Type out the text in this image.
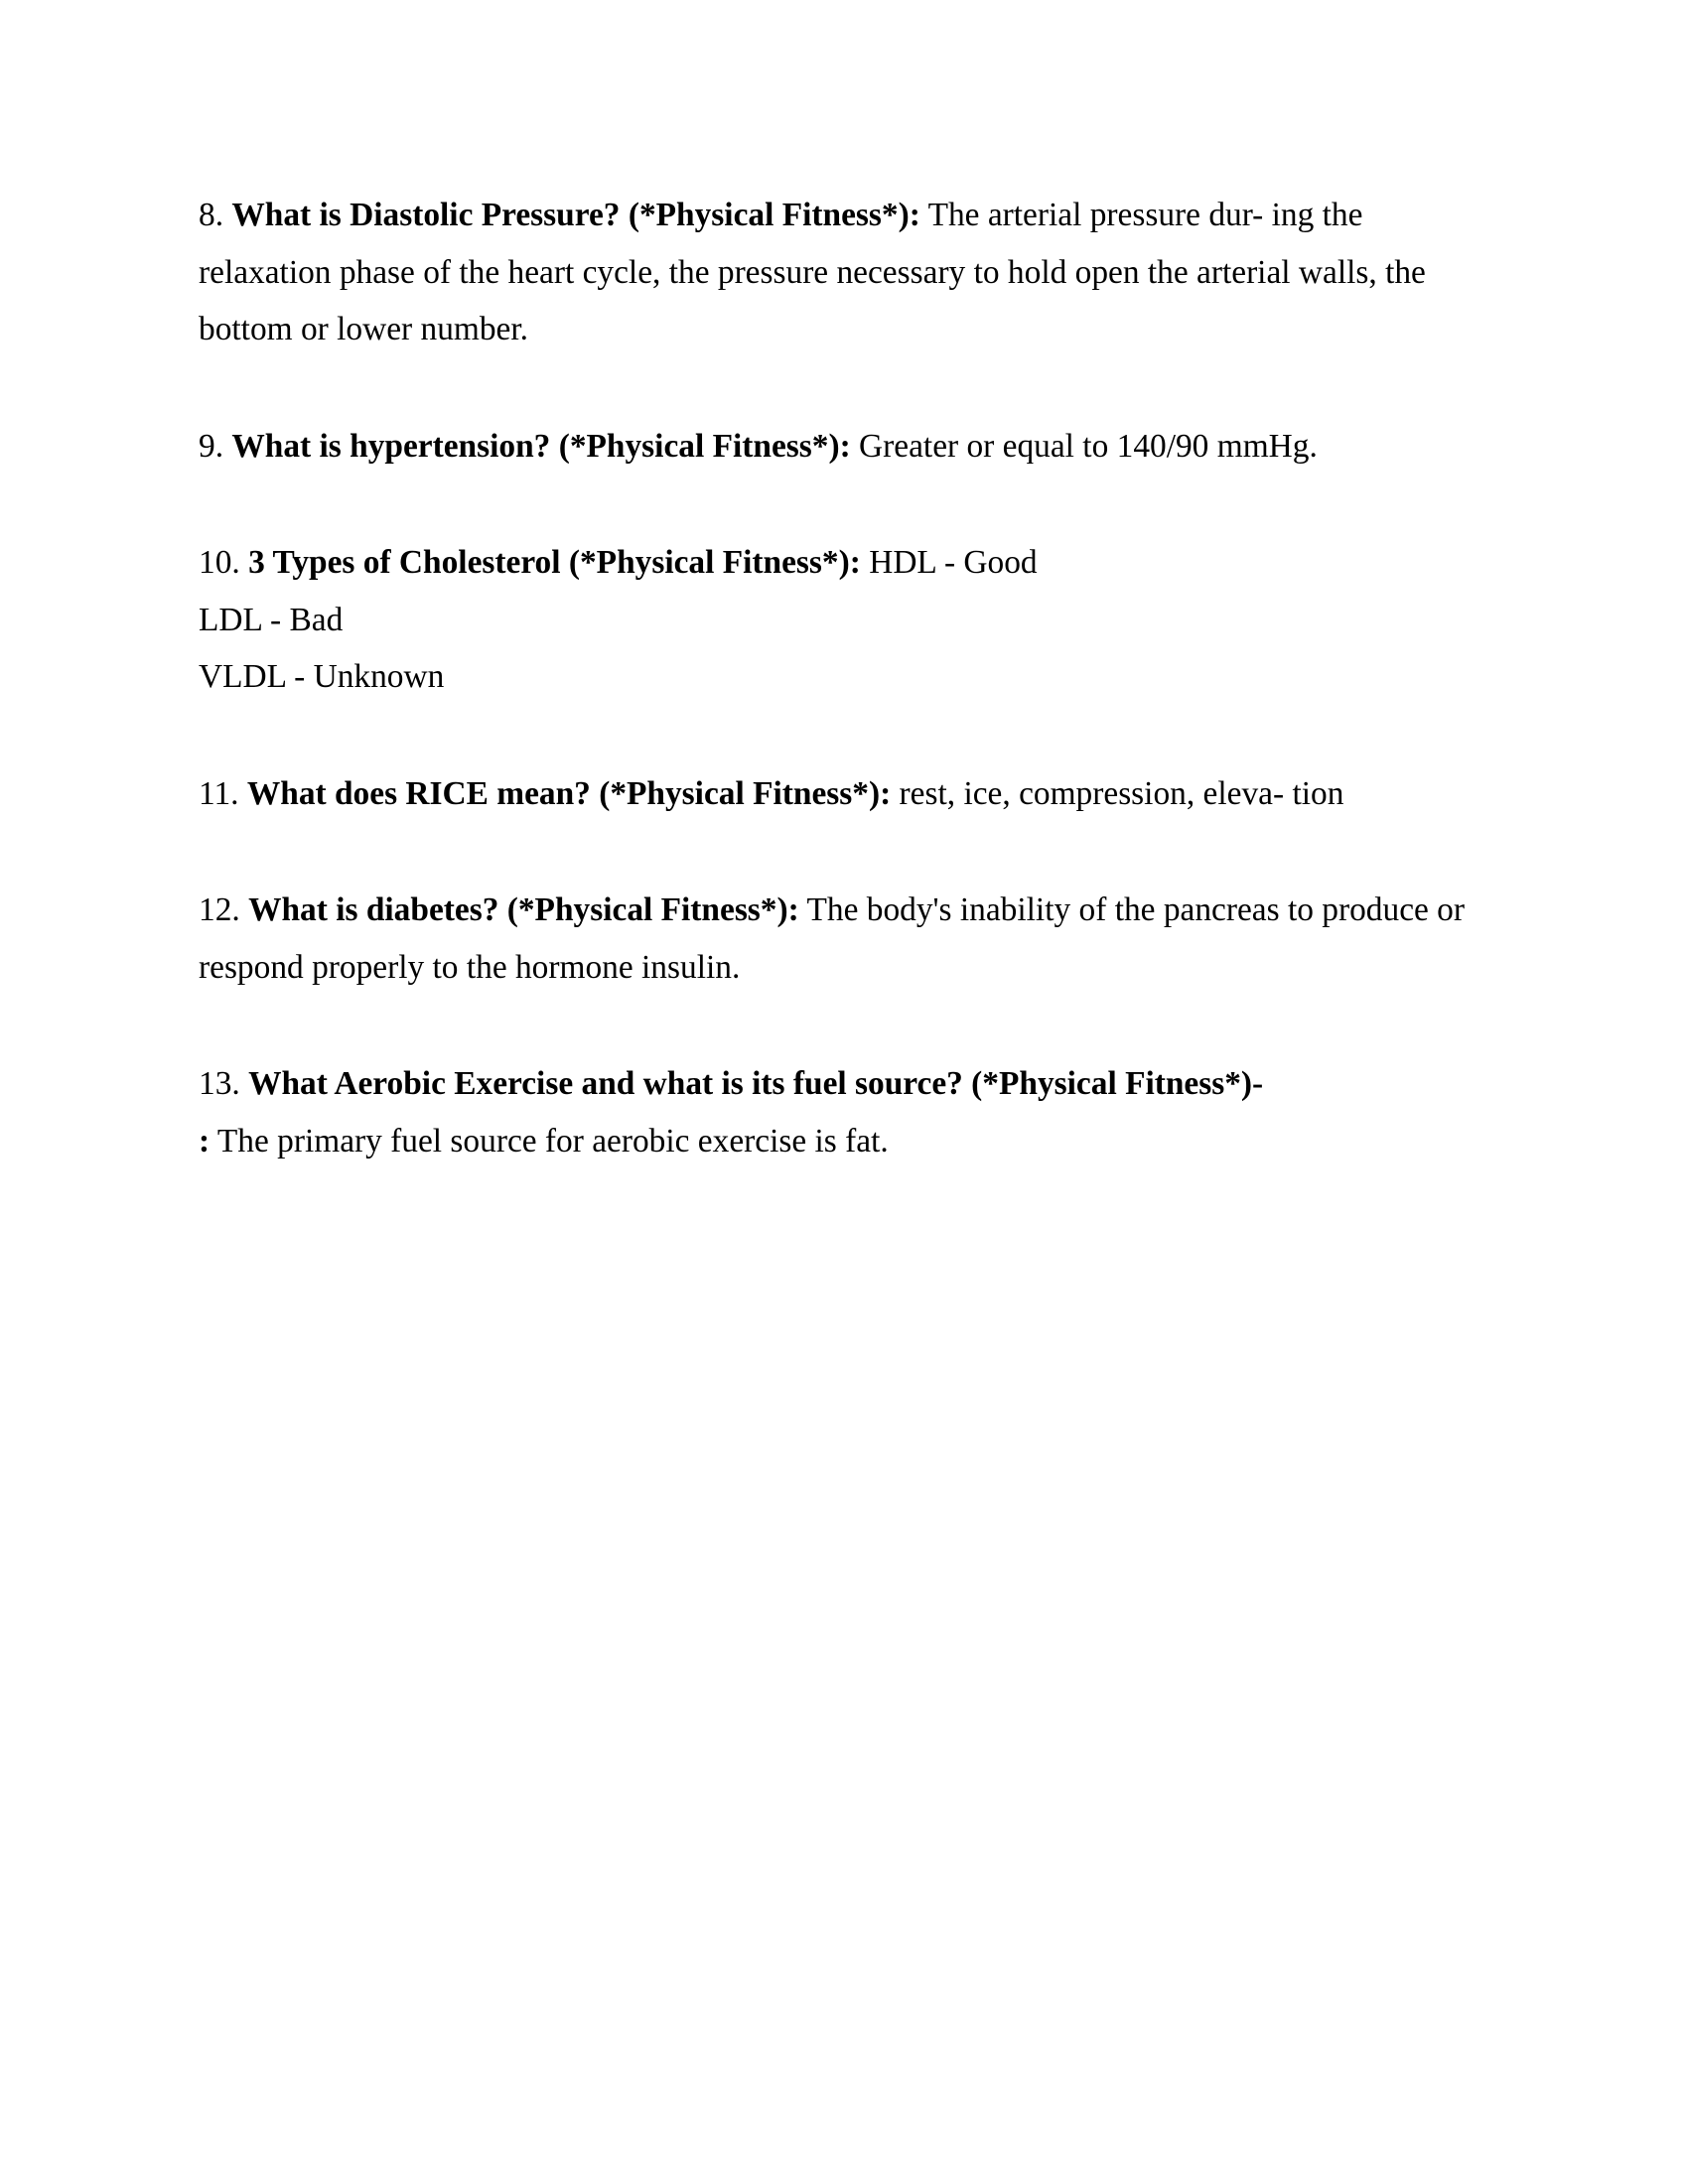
8. What is Diastolic Pressure? (*Physical Fitness*): The arterial pressure dur- ing the relaxation phase of the heart cycle, the pressure necessary to hold open the arterial walls, the bottom or lower number.

9. What is hypertension? (*Physical Fitness*): Greater or equal to 140/90 mmHg.

10. 3 Types of Cholesterol (*Physical Fitness*): HDL - Good
LDL - Bad
VLDL - Unknown

11. What does RICE mean? (*Physical Fitness*): rest, ice, compression, eleva- tion

12. What is diabetes? (*Physical Fitness*): The body's inability of the pancreas to produce or respond properly to the hormone insulin.

13. What Aerobic Exercise and what is its fuel source? (*Physical Fitness*)-
: The primary fuel source for aerobic exercise is fat.
